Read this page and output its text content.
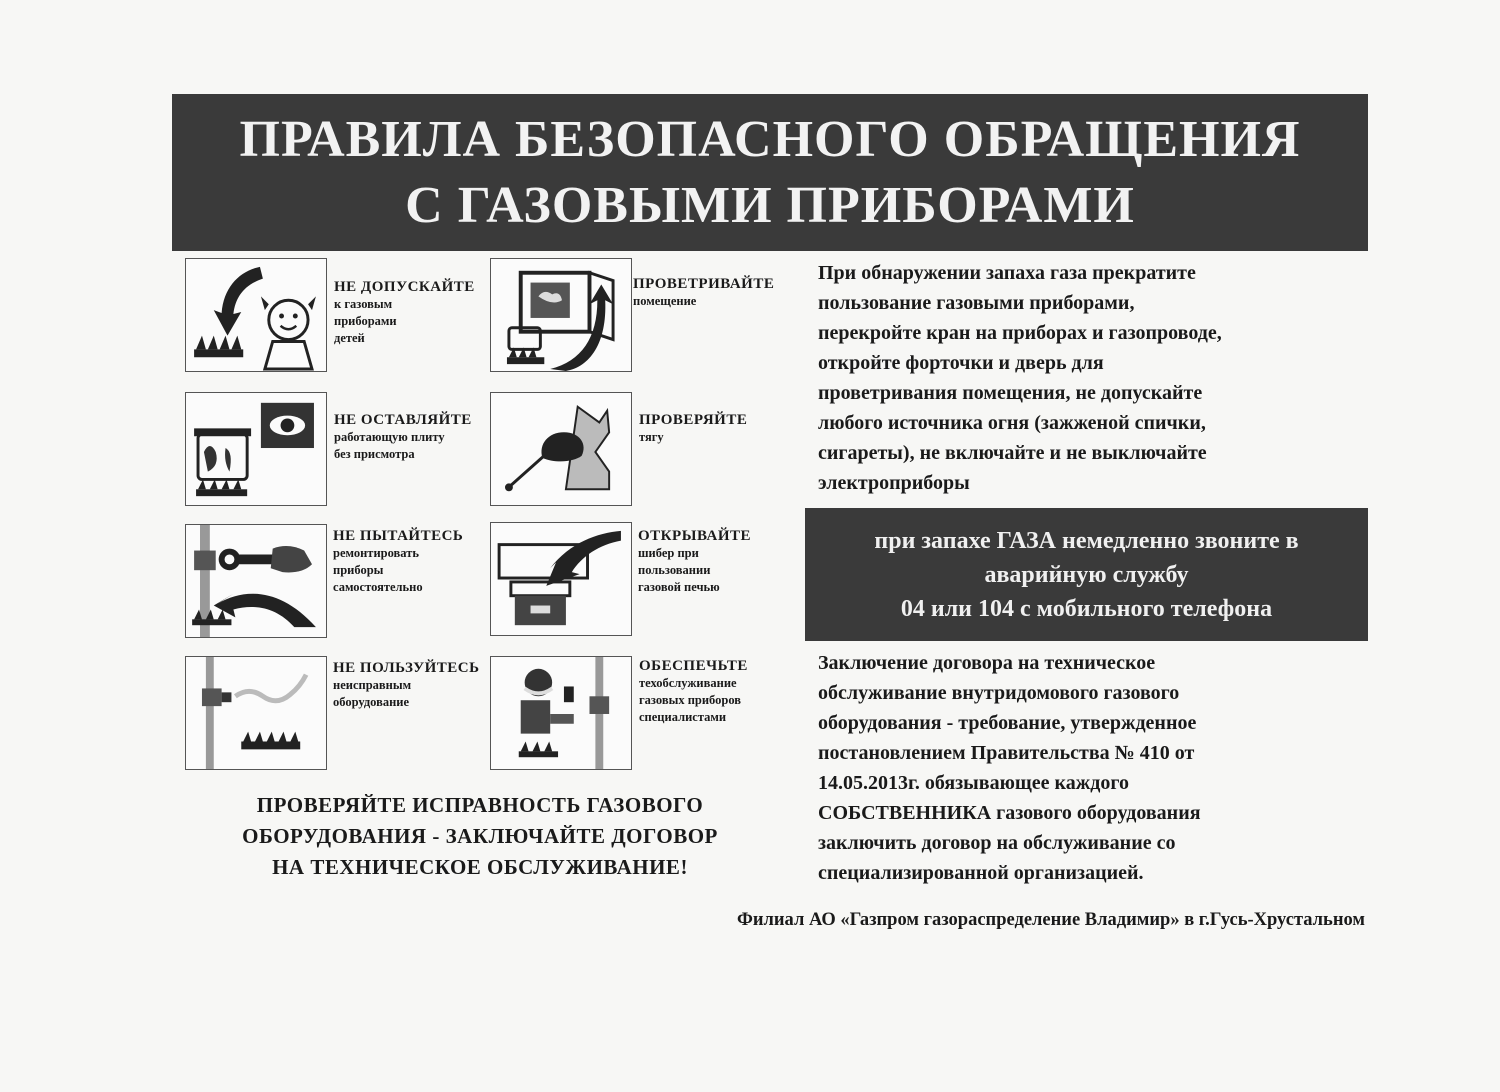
ПРАВИЛА БЕЗОПАСНОГО ОБРАЩЕНИЯ
С ГАЗОВЫМИ ПРИБОРАМИ
НЕ ДОПУСКАЙТЕ
к газовым
приборами
детей
ПРОВЕТРИВАЙТЕ
помещение
НЕ ОСТАВЛЯЙТЕ
работающую плиту
без присмотра
ПРОВЕРЯЙТЕ
тягу
НЕ ПЫТАЙТЕСЬ
ремонтировать
приборы
самостоятельно
ОТКРЫВАЙТЕ
шибер при
пользовании
газовой печью
НЕ ПОЛЬЗУЙТЕСЬ
неисправным
оборудование
ОБЕСПЕЧЬТЕ
техобслуживание
газовых приборов
специалистами
ПРОВЕРЯЙТЕ ИСПРАВНОСТЬ ГАЗОВОГО
ОБОРУДОВАНИЯ - ЗАКЛЮЧАЙТЕ ДОГОВОР
НА ТЕХНИЧЕСКОЕ ОБСЛУЖИВАНИЕ!
При обнаружении запаха газа прекратите
пользование газовыми приборами,
перекройте кран на приборах и газопроводе,
откройте форточки и дверь для
проветривания помещения, не допускайте
любого источника огня (зажженой спички,
сигареты), не включайте и не выключайте
электроприборы
при запахе ГАЗА немедленно звоните в
аварийную службу
04 или 104 с мобильного телефона
Заключение договора на техническое
обслуживание внутридомового газового
оборудования - требование, утвержденное
постановлением Правительства № 410 от
14.05.2013г. обязывающее каждого
СОБСТВЕННИКА газового оборудования
заключить договор на обслуживание со
специализированной организацией.
Филиал АО «Газпром газораспределение Владимир» в г.Гусь-Хрустальном
